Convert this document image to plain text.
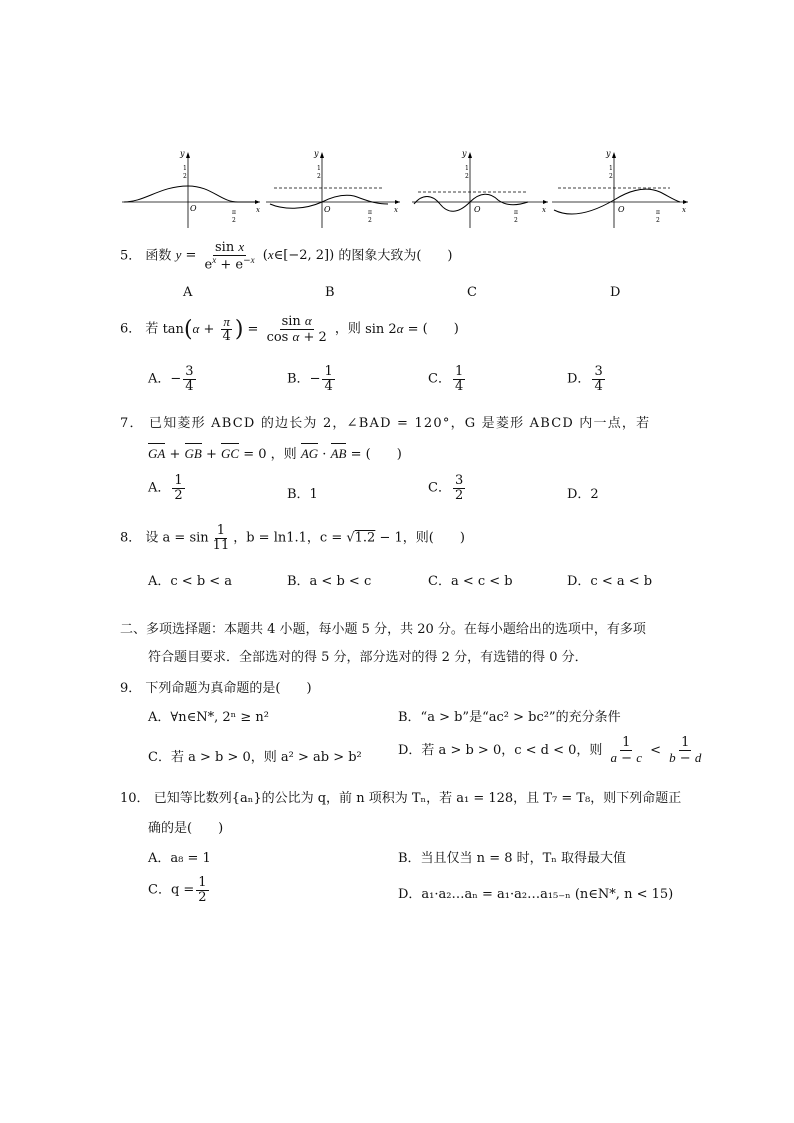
y
1
2
O	π
2
x
y
1
2
O	π
2
x
y
1
2
O	π
2
x
y
1
2
O	π
2
x
5． 函数 $y = \frac{\text{sin x}}{e^x + e^{-x}}$ (x∈[−2, 2]) 的图象大致为(　　)
A	B	C	D
6． 若 $\tan(\alpha + \frac{\pi}{4}$ ) = $\frac{\text{sin α}}{\text{cos α + 2}}$ ，则 sin 2α = (　　)
A．− $\frac{3}{4}$	B．− $\frac{1}{4}$	C． $\frac{1}{4}$	D． $\frac{3}{4}$
7． 已知菱形 ABCD 的边长为 2，∠BAD = 120°，G 是菱形 ABCD 内一点，若
GA + GB + GC = 0 ，则 AG · AB = (　　)
A． $\frac{1}{2}$	B．1	C． $\frac{3}{2}$	D．2
8． 设 $a = \sin \frac{1}{11}$ ，b = ln1.1，c = √1.2 − 1，则(　　)
A．c < b < a	B．a < b < c	C．a < c < b	D．c < a < b
二、多项选择题：本题共 4 小题，每小题 5 分，共 20 分。在每小题给出的选项中，有多项
符合题目要求．全部选对的得 5 分，部分选对的得 2 分，有选错的得 0 分．
9． 下列命题为真命题的是(　　)
A．∀n∈N*, 2ⁿ ≥ n²	B．“a > b”是“ac² > bc²”的充分条件
C．若 a > b > 0，则 a² > ab > b²	D．若 a > b > 0，c < d < 0，则 $\frac{1}{a - c} < \frac{1}{b - d}$
10． 已知等比数列{aₙ}的公比为 q，前 n 项积为 Tₙ，若 a₁ = 128，且 T₇ = T₈，则下列命题正
确的是(　　)
A．a₈ = 1	B．当且仅当 n = 8 时，Tₙ 取得最大值
C．$q = \frac{1}{2}$	D．a₁·a₂…aₙ = a₁·a₂…a₁₅₋ₙ (n∈N*, n < 15)
